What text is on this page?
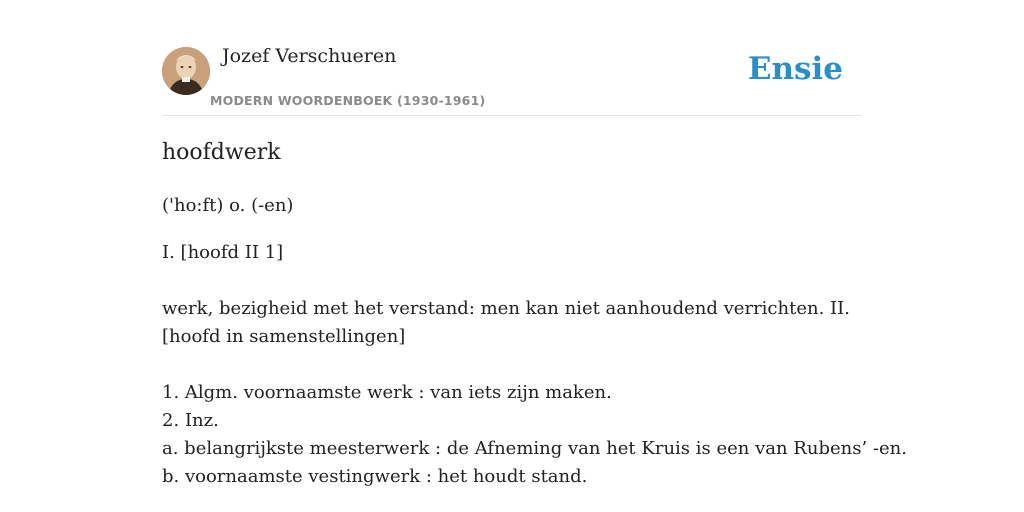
Jozef Verschueren
MODERN WOORDENBOEK (1930-1961)
Ensie
hoofdwerk

('ho:ft) o. (-en)

I. [hoofd II 1]

werk, bezigheid met het verstand: men kan niet aanhoudend verrichten. II.
[hoofd in samenstellingen]

1. Algm. voornaamste werk : van iets zijn maken.
2. Inz.
a. belangrijkste meesterwerk : de Afneming van het Kruis is een van Rubens’ -en.
b. voornaamste vestingwerk : het houdt stand.
